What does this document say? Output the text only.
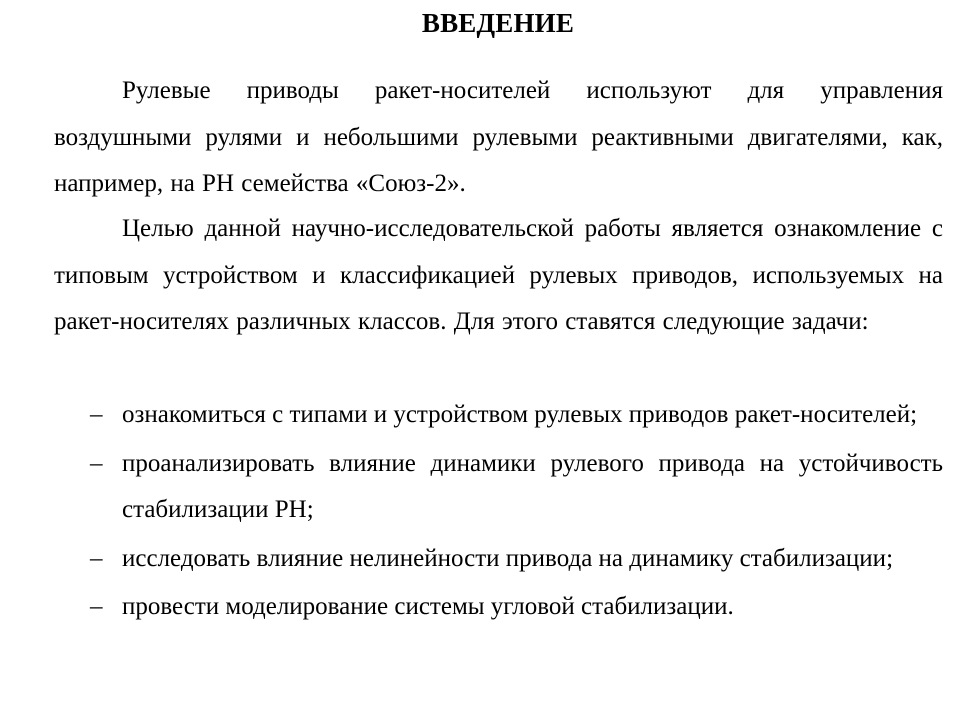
ВВЕДЕНИЕ

Рулевые приводы ракет-носителей используют для управления воздушными рулями и небольшими рулевыми реактивными двигателями, как, например, на РН семейства «Союз-2».

Целью данной научно-исследовательской работы является ознакомление с типовым устройством и классификацией рулевых приводов, используемых на ракет-носителях различных классов. Для этого ставятся следующие задачи:

– ознакомиться с типами и устройством рулевых приводов ракет-носителей;
– проанализировать влияние динамики рулевого привода на устойчивость стабилизации РН;
– исследовать влияние нелинейности привода на динамику стабилизации;
– провести моделирование системы угловой стабилизации.
